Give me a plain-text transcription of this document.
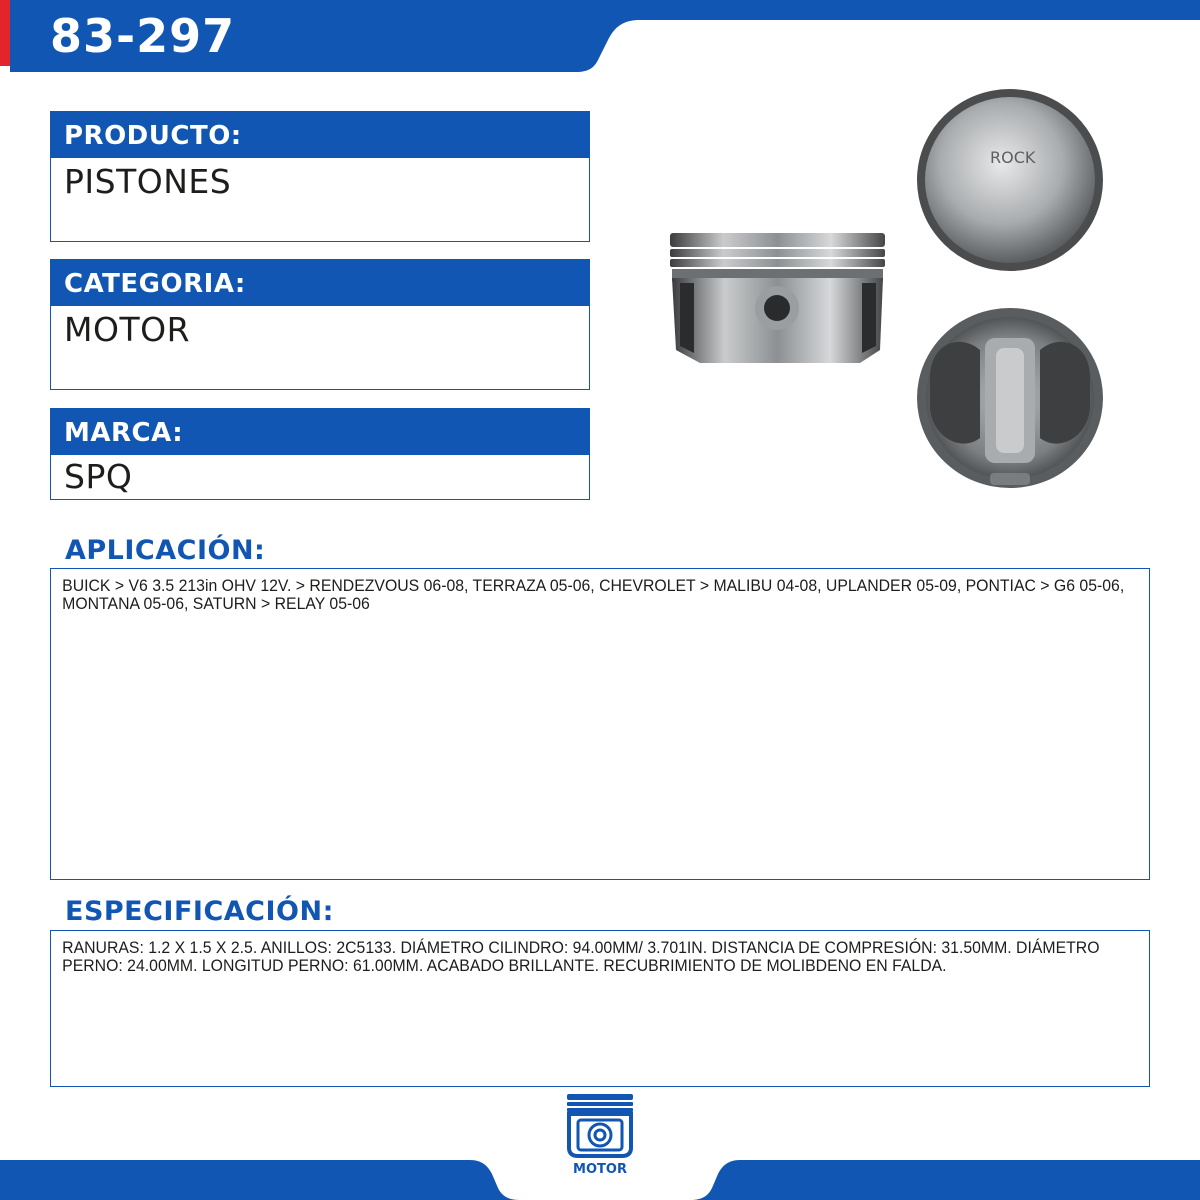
83-297
PRODUCTO:
PISTONES
CATEGORIA:
MOTOR
MARCA:
SPQ
ROCK
APLICACIÓN:
BUICK > V6 3.5 213in OHV 12V. > RENDEZVOUS 06-08, TERRAZA 05-06, CHEVROLET > MALIBU 04-08, UPLANDER 05-09, PONTIAC > G6 05-06, MONTANA 05-06, SATURN > RELAY 05-06
ESPECIFICACIÓN:
RANURAS: 1.2 X 1.5 X 2.5. ANILLOS: 2C5133. DIÁMETRO CILINDRO: 94.00MM/ 3.701IN. DISTANCIA DE COMPRESIÓN: 31.50MM. DIÁMETRO PERNO: 24.00MM. LONGITUD PERNO: 61.00MM. ACABADO BRILLANTE. RECUBRIMIENTO DE MOLIBDENO EN FALDA.
MOTOR
